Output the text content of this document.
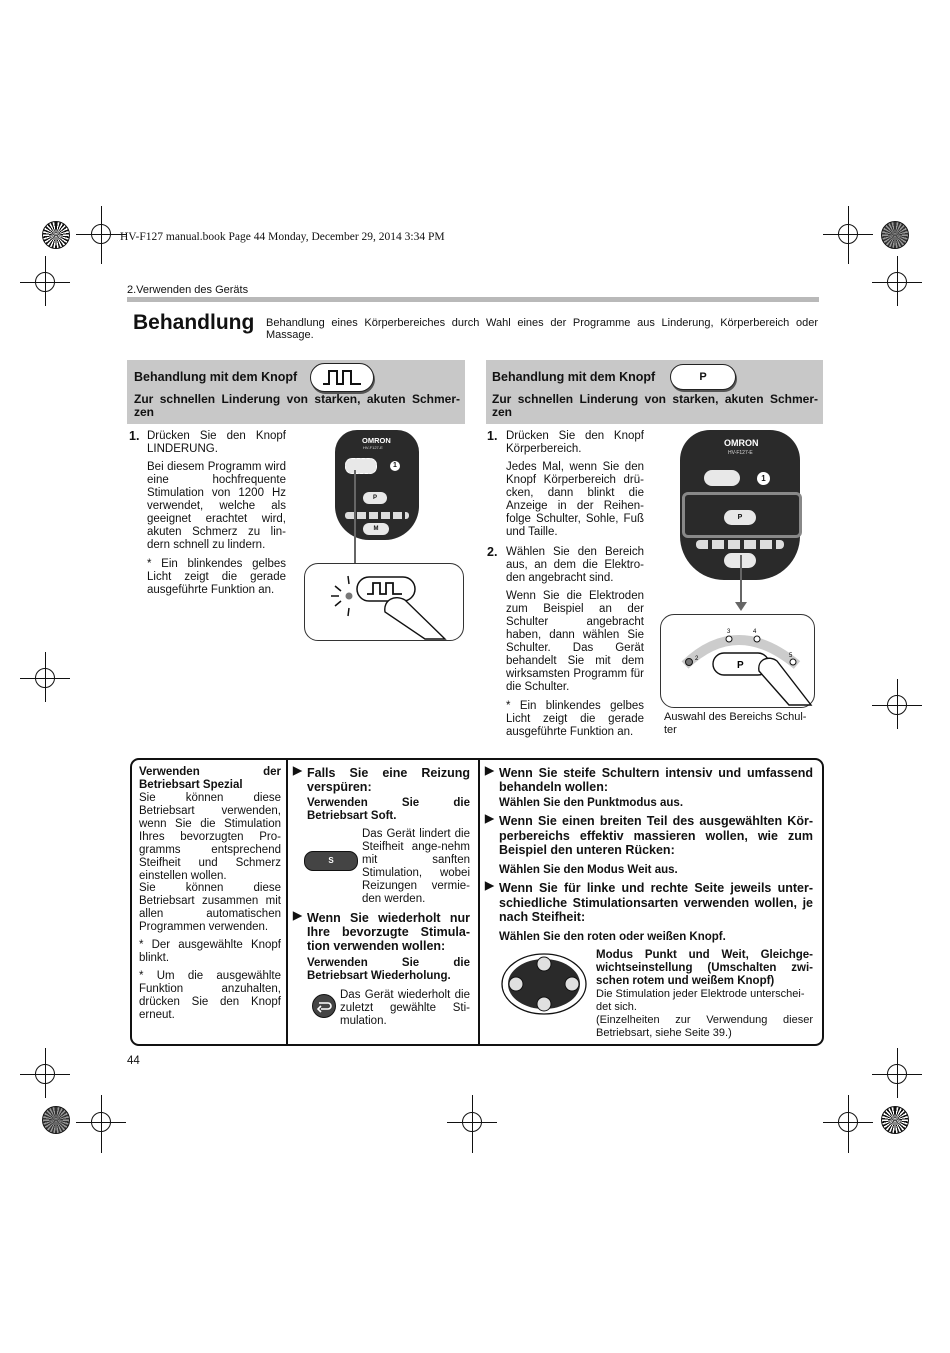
HV-F127 manual.book Page 44 Monday, December 29, 2014 3:34 PM
2.Verwenden des Geräts
Behandlung Behandlung eines Körperbereiches durch Wahl eines der Programme aus Linderung, Körperbereich oder Massage.
Behandlung mit dem Knopf
Zur schnellen Linderung von starken, akuten Schmer-zen
Behandlung mit dem Knopf	P
Zur schnellen Linderung von starken, akuten Schmer-zen
1. Drücken Sie den Knopf LINDERUNG.
Bei diesem Programm wird eine hochfrequente Stimulation von 1200 Hz verwendet, welche als geeignet erachtet wird, akuten Schmerz zu lin-dern schnell zu lindern.
* Ein blinkendes gelbes Licht zeigt die gerade ausgeführte Funktion an.
OMRON
HV-F127-E
1
P
M
1. Drücken Sie den Knopf Körperbereich.
Jedes Mal, wenn Sie den Knopf Körperbereich drü-cken, dann blinkt die Anzeige in der Reihen-folge Schulter, Sohle, Fuß und Taille.
2. Wählen Sie den Bereich aus, an dem die Elektro-den angebracht sind.
Wenn Sie die Elektroden zum Beispiel an der Schulter angebracht haben, dann wählen Sie Schulter. Das Gerät behandelt Sie mit dem wirksamsten Programm für die Schulter.
* Ein blinkendes gelbes Licht zeigt die gerade ausgeführte Funktion an.
OMRON
HV-F127-E
1
P
2
3	4
5
P
Auswahl des Bereichs Schul-ter
Verwenden der Betriebsart Spezial
Sie können diese Betriebsart verwenden, wenn Sie die Stimulation Ihres bevorzugten Pro-gramms entsprechend Steifheit und Schmerz einstellen wollen.
Sie können diese Betriebsart zusammen mit allen automatischen Programmen verwenden.
* Der ausgewählte Knopf blinkt.
* Um die ausgewählte Funktion anzuhalten, drücken Sie den Knopf erneut.
▶ Falls Sie eine Reizung verspüren:
Verwenden Sie die Betriebsart Soft.
S
Das Gerät lindert die Steifheit ange-nehm mit sanften Stimulation, wobei Reizungen vermie-den werden.
▶ Wenn Sie wiederholt nur Ihre bevorzugte Stimula-tion verwenden wollen:
Verwenden Sie die Betriebsart Wiederholung.
Das Gerät wiederholt die zuletzt gewählte Sti-mulation.
▶ Wenn Sie steife Schultern intensiv und umfassend behandeln wollen:
Wählen Sie den Punktmodus aus.
▶ Wenn Sie einen breiten Teil des ausgewählten Kör-perbereichs effektiv massieren wollen, wie zum Beispiel den unteren Rücken:
Wählen Sie den Modus Weit aus.
▶ Wenn Sie für linke und rechte Seite jeweils unter-schiedliche Stimulationsarten verwenden wollen, je nach Steifheit:
Wählen Sie den roten oder weißen Knopf.
Modus Punkt und Weit, Gleichge-wichtseinstellung (Umschalten zwi-schen rotem und weißem Knopf)
Die Stimulation jeder Elektrode unterschei-det sich.
(Einzelheiten zur Verwendung dieser Betriebsart, siehe Seite 39.)
44
